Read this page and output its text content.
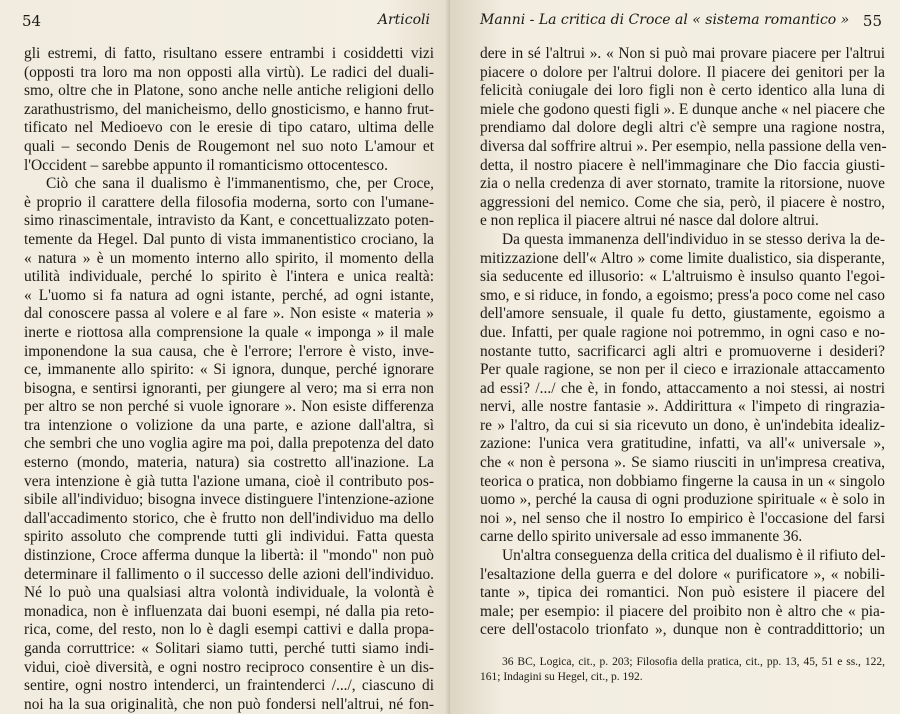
54	Articoli
gli estremi, di fatto, risultano essere entrambi i cosiddetti vizi
(opposti tra loro ma non opposti alla virtù). Le radici del duali-
smo, oltre che in Platone, sono anche nelle antiche religioni dello
zarathustrismo, del manicheismo, dello gnosticismo, e hanno frut-
tificato nel Medioevo con le eresie di tipo cataro, ultima delle
quali – secondo Denis de Rougemont nel suo noto L'amour et
l'Occident – sarebbe appunto il romanticismo ottocentesco.
Ciò che sana il dualismo è l'immanentismo, che, per Croce,
è proprio il carattere della filosofia moderna, sorto con l'umane-
simo rinascimentale, intravisto da Kant, e concettualizzato poten-
temente da Hegel. Dal punto di vista immanentistico crociano, la
« natura » è un momento interno allo spirito, il momento della
utilità individuale, perché lo spirito è l'intera e unica realtà:
« L'uomo si fa natura ad ogni istante, perché, ad ogni istante,
dal conoscere passa al volere e al fare ». Non esiste « materia »
inerte e riottosa alla comprensione la quale « imponga » il male
imponendone la sua causa, che è l'errore; l'errore è visto, inve-
ce, immanente allo spirito: « Si ignora, dunque, perché ignorare
bisogna, e sentirsi ignoranti, per giungere al vero; ma si erra non
per altro se non perché si vuole ignorare ». Non esiste differenza
tra intenzione o volizione da una parte, e azione dall'altra, sì
che sembri che uno voglia agire ma poi, dalla prepotenza del dato
esterno (mondo, materia, natura) sia costretto all'inazione. La
vera intenzione è già tutta l'azione umana, cioè il contributo pos-
sibile all'individuo; bisogna invece distinguere l'intenzione-azione
dall'accadimento storico, che è frutto non dell'individuo ma dello
spirito assoluto che comprende tutti gli individui. Fatta questa
distinzione, Croce afferma dunque la libertà: il "mondo" non può
determinare il fallimento o il successo delle azioni dell'individuo.
Né lo può una qualsiasi altra volontà individuale, la volontà è
monadica, non è influenzata dai buoni esempi, né dalla pia reto-
rica, come, del resto, non lo è dagli esempi cattivi e dalla propa-
ganda corruttrice: « Solitari siamo tutti, perché tutti siamo indi-
vidui, cioè diversità, e ogni nostro reciproco consentire è un dis-
sentire, ogni nostro intenderci, un fraintenderci /.../, ciascuno di
noi ha la sua originalità, che non può fondersi nell'altrui, né fon-
Manni - La critica di Croce al « sistema romantico » 55
dere in sé l'altrui ». « Non si può mai provare piacere per l'altrui
piacere o dolore per l'altrui dolore. Il piacere dei genitori per la
felicità coniugale dei loro figli non è certo identico alla luna di
miele che godono questi figli ». E dunque anche « nel piacere che
prendiamo dal dolore degli altri c'è sempre una ragione nostra,
diversa dal soffrire altrui ». Per esempio, nella passione della ven-
detta, il nostro piacere è nell'immaginare che Dio faccia giusti-
zia o nella credenza di aver stornato, tramite la ritorsione, nuove
aggressioni del nemico. Come che sia, però, il piacere è nostro,
e non replica il piacere altrui né nasce dal dolore altrui.
Da questa immanenza dell'individuo in se stesso deriva la de-
mitizzazione dell'« Altro » come limite dualistico, sia disperante,
sia seducente ed illusorio: « L'altruismo è insulso quanto l'egoi-
smo, e si riduce, in fondo, a egoismo; press'a poco come nel caso
dell'amore sensuale, il quale fu detto, giustamente, egoismo a
due. Infatti, per quale ragione noi potremmo, in ogni caso e no-
nostante tutto, sacrificarci agli altri e promuoverne i desideri?
Per quale ragione, se non per il cieco e irrazionale attaccamento
ad essi? /.../ che è, in fondo, attaccamento a noi stessi, ai nostri
nervi, alle nostre fantasie ». Addirittura « l'impeto di ringrazia-
re » l'altro, da cui si sia ricevuto un dono, è un'indebita idealiz-
zazione: l'unica vera gratitudine, infatti, va all'« universale »,
che « non è persona ». Se siamo riusciti in un'impresa creativa,
teorica o pratica, non dobbiamo fingerne la causa in un « singolo
uomo », perché la causa di ogni produzione spirituale « è solo in
noi », nel senso che il nostro Io empirico è l'occasione del farsi
carne dello spirito universale ad esso immanente 36.
Un'altra conseguenza della critica del dualismo è il rifiuto del-
l'esaltazione della guerra e del dolore « purificatore », « nobili-
tante », tipica dei romantici. Non può esistere il piacere del
male; per esempio: il piacere del proibito non è altro che « pia-
cere dell'ostacolo trionfato », dunque non è contraddittorio; un
36 BC, Logica, cit., p. 203; Filosofia della pratica, cit., pp. 13, 45, 51 e ss., 122,
161; Indagini su Hegel, cit., p. 192.
